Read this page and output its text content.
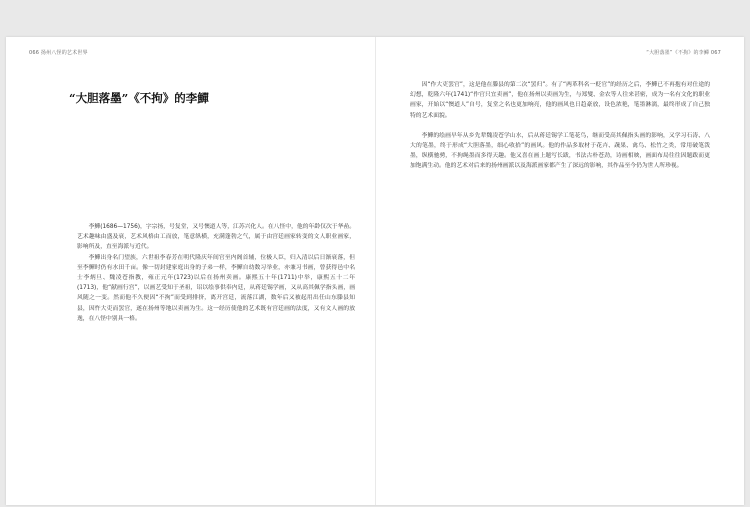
066 扬州八怪的艺术世界	“大胆落墨”《不拘》的李鱓 067
“大胆落墨”《不拘》的李鱓

李鱓(1686—1756)，字宗扬，号复堂，又号懊道人等，江苏兴化人。在八怪中，他的年龄仅次于华嵒。艺术趣味由盛及衰，艺术风格由工而放，笔意纵横，充满蓬勃之气，属于由宫廷画家转变的文人职业画家，影响所及，直至海派与近代。

李鱓出身名门望族，六世祖李春芳在明代隆庆年间官至内阁首辅，位极人臣，归入清以后日渐衰落，但至李鱓时仍有水田千亩。像一切封建家庭出身的子弟一样，李鱓自幼数习举业，亦兼习书画，曾获得邑中名士李炳旦、魏凌苍指教，雍正元年(1723)以后在扬州卖画。康熙五十年(1711)中举，康熙五十二年(1713)，他“献画行宫”，以画艺受知于圣祖，诏以绘事供奉内廷，从蒋廷锡学画，又从高其佩学指头画，画风随之一变。然而他不久便因“不拘”而受到排挤，离开宫廷，流落江湖，数年后又被起用出任山东滕县知县，因忤大吏而罢官，遂在扬州等地以卖画为生。这一经历使他的艺术既有宫廷画的法度，又有文人画的放逸，在八怪中别具一格。

因“作大吏罢官”，这是他在滕县的第二次“罢归”。有了“两革科名一贬官”的经历之后，李鱓已不再抱有对仕途的幻想，乾隆六年(1741)“作官只宜卖画”，他在扬州以卖画为生，与郑燮、金农等人往来甚密，成为一名有文化的职业画家，开始以“懊道人”自号，复堂之名也更加响亮，他的画风也日趋豪放，设色浓艳，笔墨淋漓，最终形成了自己独特的艺术面貌。

李鱓的绘画早年从乡先辈魏凌苍学山水，后从蒋廷锡学工笔花鸟，继而受高其佩指头画的影响，又学习石涛、八大的笔墨，终于形成“大胆落墨，细心收拾”的画风。他的作品多取材于花卉、蔬果、禽鸟、松竹之类，常用破笔泼墨，纵横驰骋，不拘绳墨而多得天趣。他又喜在画上题写长跋，书法古朴苍劲，诗画相映，画面布局往往因题跋而更加饱满生动。他的艺术对后来的扬州画派以及海派画家都产生了深远的影响，其作品至今仍为世人所珍视。
